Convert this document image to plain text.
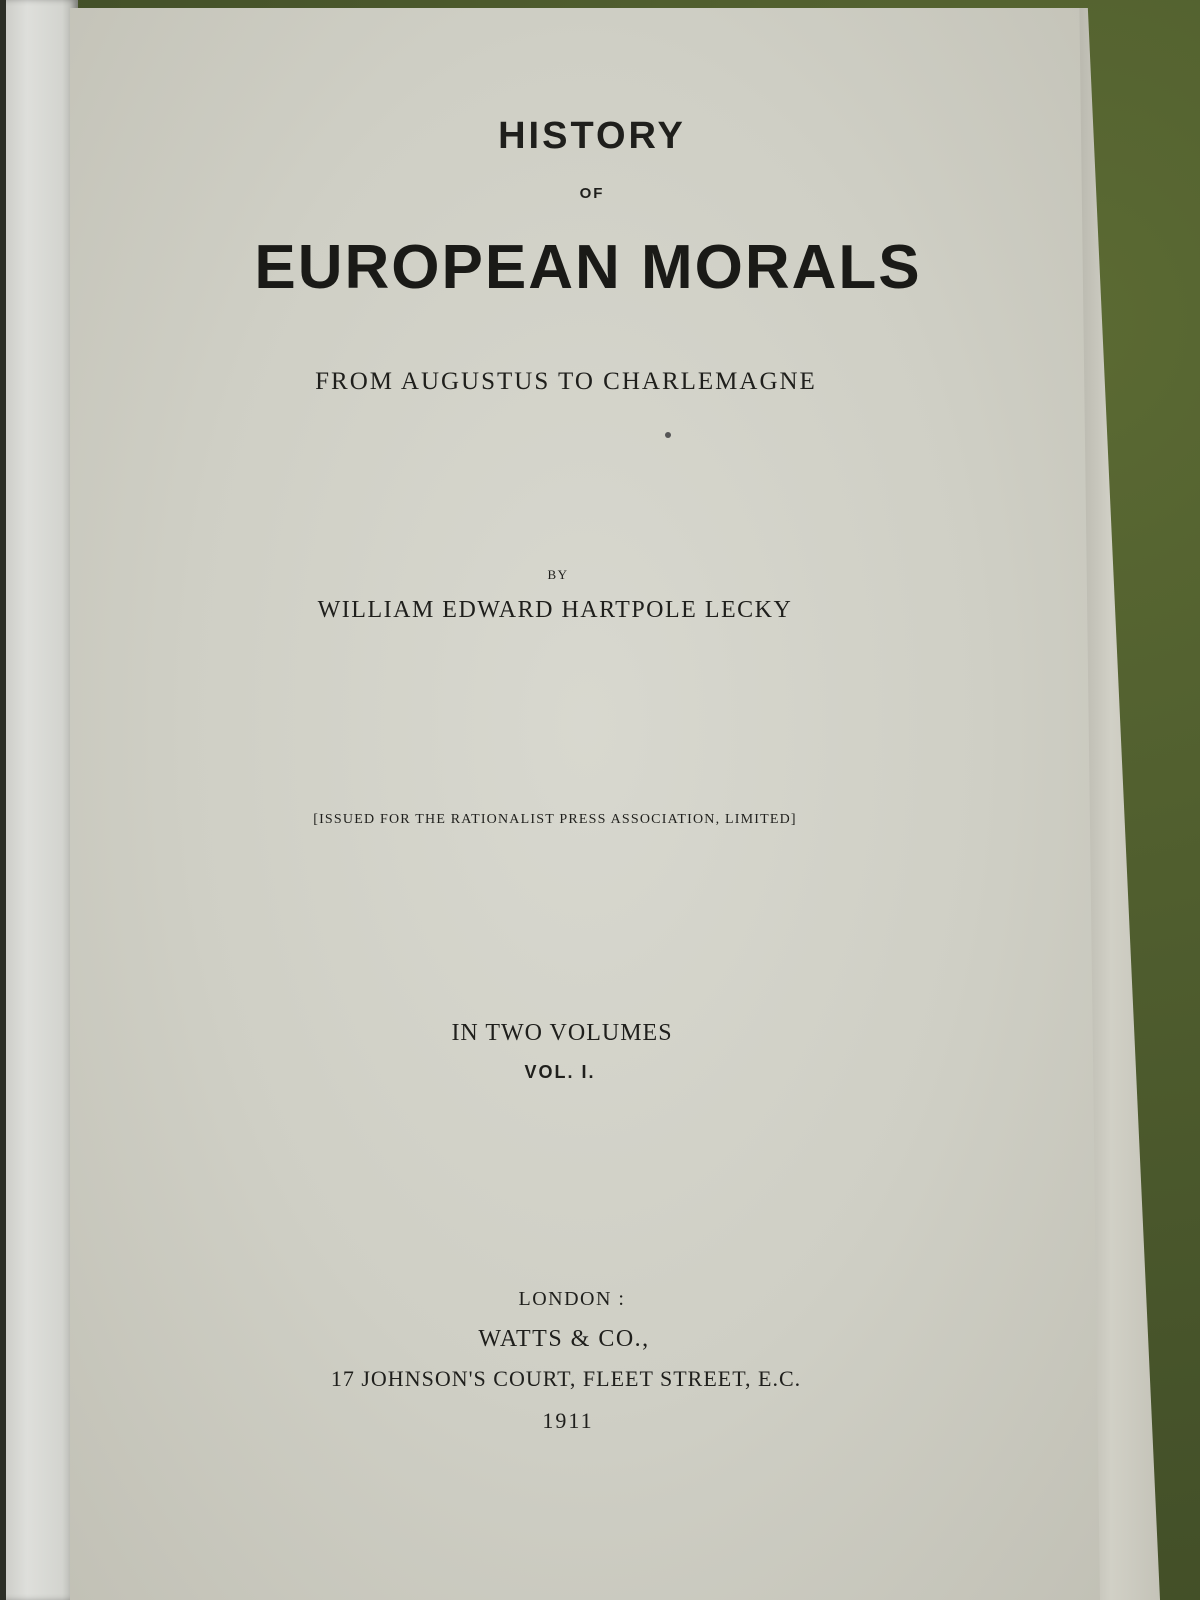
HISTORY
OF
EUROPEAN MORALS
FROM AUGUSTUS TO CHARLEMAGNE
BY
WILLIAM EDWARD HARTPOLE LECKY
[ISSUED FOR THE RATIONALIST PRESS ASSOCIATION, LIMITED]
IN TWO VOLUMES
VOL. I.
LONDON :
WATTS & CO.,
17 JOHNSON'S COURT, FLEET STREET, E.C.
1911
